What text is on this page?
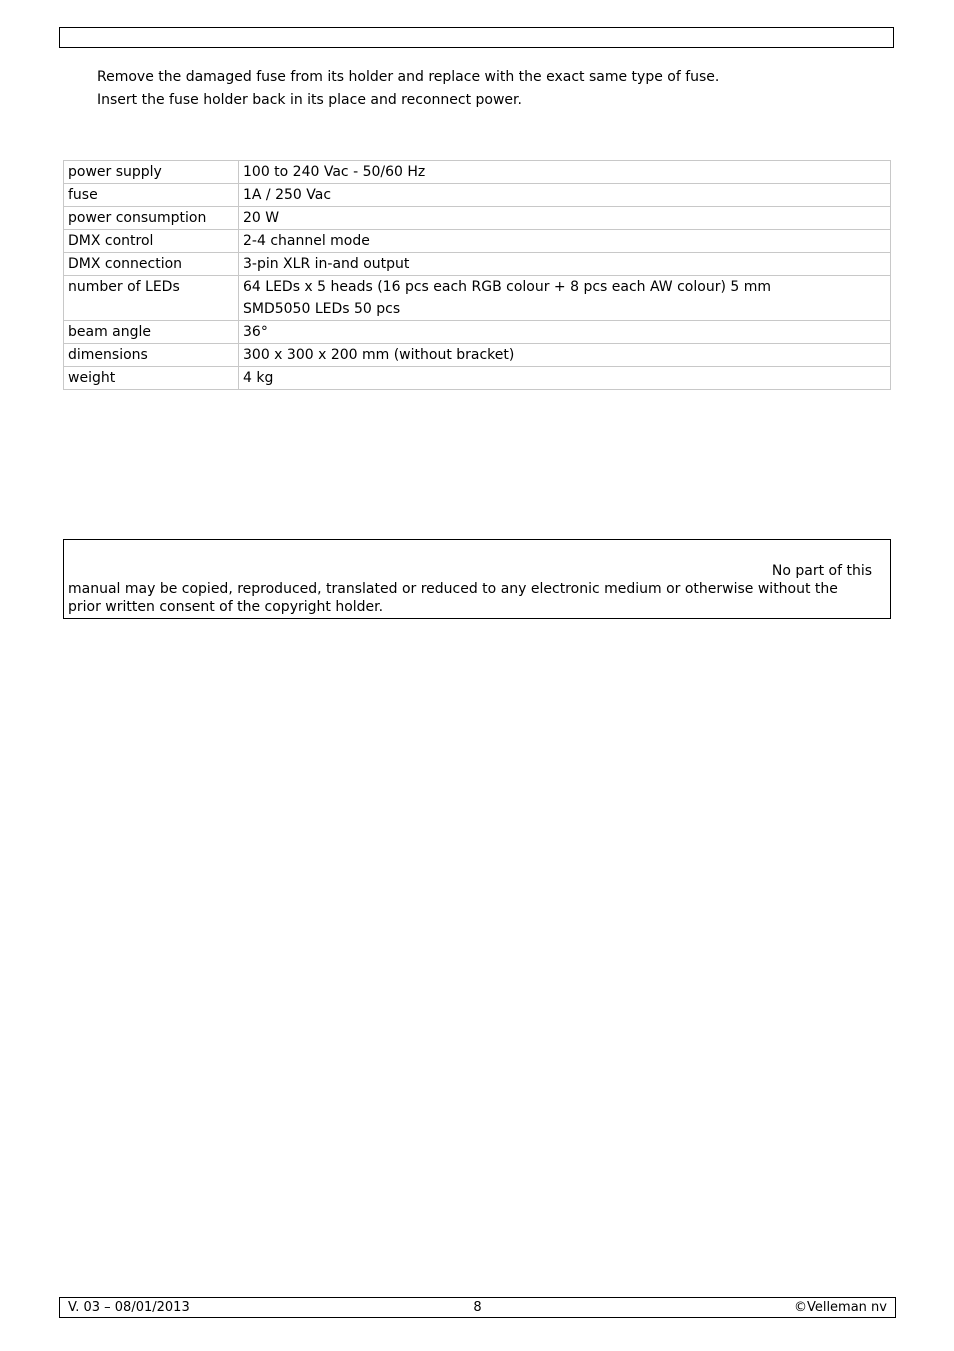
Remove the damaged fuse from its holder and replace with the exact same type of fuse.
Insert the fuse holder back in its place and reconnect power.
power supply	100 to 240 Vac - 50/60 Hz
fuse	1A / 250 Vac
power consumption	20 W
DMX control	2-4 channel mode
DMX connection	3-pin XLR in-and output
number of LEDs	64 LEDs x 5 heads (16 pcs each RGB colour + 8 pcs each AW colour) 5 mm
SMD5050 LEDs 50 pcs
beam angle	36°
dimensions	300 x 300 x 200 mm (without bracket)
weight	4 kg
No part of this
manual may be copied, reproduced, translated or reduced to any electronic medium or otherwise without the prior written consent of the copyright holder.
V. 03 – 08/01/2013	8	©Velleman nv
